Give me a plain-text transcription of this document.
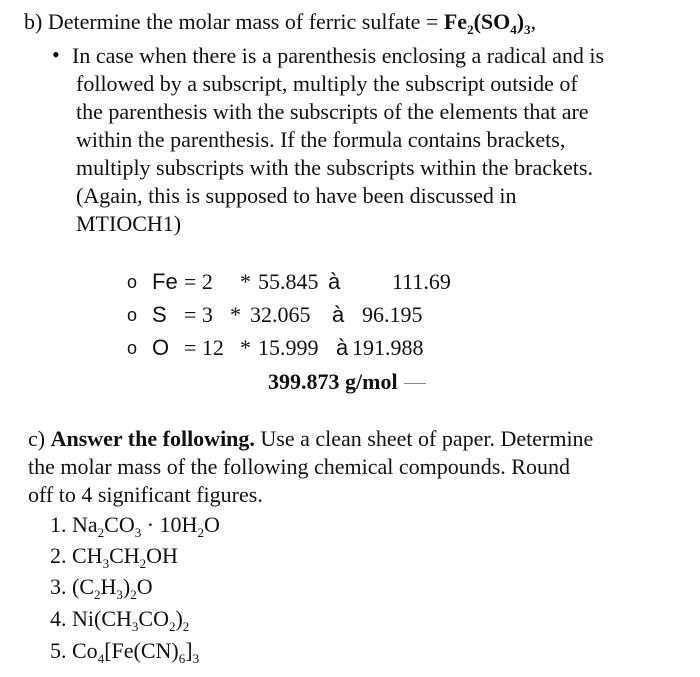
b) Determine the molar mass of ferric sulfate = $Fe_2(SO_4)_3$,
• In case when there is a parenthesis enclosing a radical and is
followed by a subscript, multiply the subscript outside of
the parenthesis with the subscripts of the elements that are
within the parenthesis. If the formula contains brackets,
multiply subscripts with the subscripts within the brackets.
(Again, this is supposed to have been discussed in
MTIOCH1)
o Fe = 2 * 55.845 à 111.69
o S = 3 * 32.065 à 96.195
o O = 12 * 15.999 à 191.988
399.873 g/mol
c) Answer the following. Use a clean sheet of paper. Determine
the molar mass of the following chemical compounds. Round
off to 4 significant figures.
1. $Na_2CO_3 \cdot 10H_2O$
2. $CH_3CH_2OH$
3. $(C_2H_3)_2O$
4. $Ni(CH_3CO_2)_2$
5. $Co_4[Fe(CN)_6]_3$
